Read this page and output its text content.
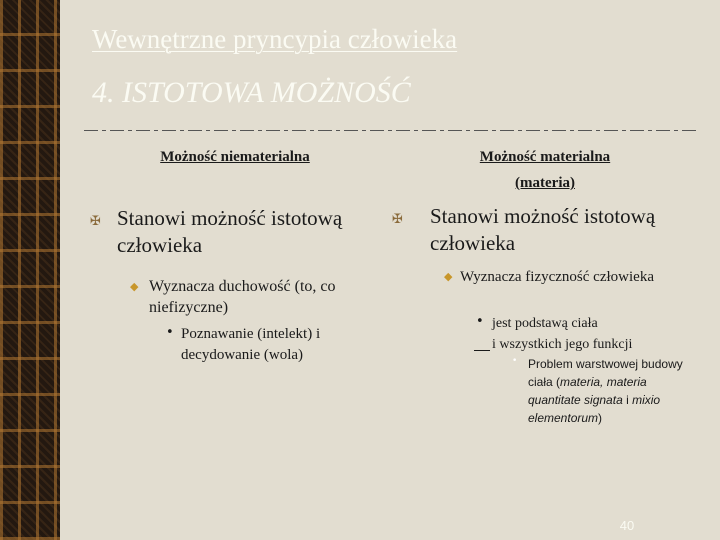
Wewnętrzne pryncypia człowieka
4. ISTOTOWA MOŻNOŚĆ
Możność niematerialna
✠ Stanowi możność istotową człowieka
◆ Wyznacza duchowość (to, co niefizyczne)
• Poznawanie (intelekt) i decydowanie (wola)
Możność materialna
(materia)
✠ Stanowi możność istotową człowieka
◆ Wyznacza fizyczność człowieka
• jest podstawą ciała
i wszystkich jego funkcji
• Problem warstwowej budowy ciała (materia, materia quantitate signata i mixio elementorum)
40
